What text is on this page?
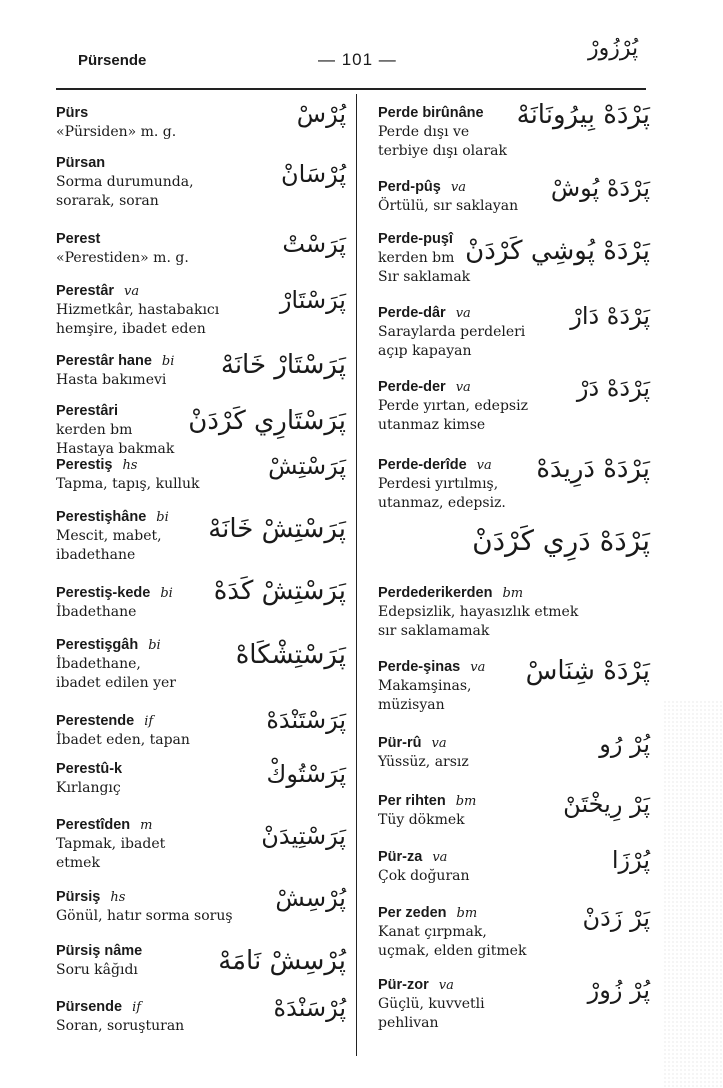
Pürsende	— 101 —	پُرْزُورْ
Pürs
«Pürsiden» m. g.
پُرْسْ
Pürsan
Sorma durumunda,
sorarak, soran
پُرْسَانْ
Perest
«Perestiden» m. g.	پَرَسْتْ
Perestâr va
Hizmetkâr, hastabakıcı
hemşire, ibadet eden
پَرَسْتَارْ
Perestâr hane bi
Hasta bakımevi	پَرَسْتَارْ خَانَهْ
Perestâri
kerden bm
Hastaya bakmak
پَرَسْتَارِي كَرْدَنْ
Perestiş hs
Tapma, tapış, kulluk
پَرَسْتِشْ
Perestişhâne bi
Mescit, mabet,
ibadethane
پَرَسْتِشْ خَانَهْ
Perestiş-kede bi
İbadethane
پَرَسْتِشْ كَدَهْ
Perestişgâh bi
İbadethane,
ibadet edilen yer
پَرَسْتِشْكَاهْ
Perestende if
İbadet eden, tapan
پَرَسْتَنْدَهْ
Perestû-k
Kırlangıç	پَرَسْتُوكْ
Perestîden m
Tapmak, ibadet
etmek
پَرَسْتِيدَنْ
Pürsiş hs
Gönül, hatır sorma soruş
پُرْسِشْ
Pürsiş nâme
Soru kâğıdı	پُرْسِشْ نَامَهْ
Pürsende if
Soran, soruşturan
پُرْسَنْدَهْ
Perde birûnâne
Perde dışı ve
terbiye dışı olarak
پَرْدَهْ بِيرُونَانَهْ
Perd-pûş va
Örtülü, sır saklayan
پَرْدَهْ پُوشْ
Perde-puşî
kerden bm
Sır saklamak
پَرْدَهْ پُوشِي كَرْدَنْ
Perde-dâr va
Saraylarda perdeleri
açıp kapayan
پَرْدَهْ دَارْ
Perde-der va
Perde yırtan, edepsiz
utanmaz kimse
پَرْدَهْ دَرْ
Perde-derîde va
Perdesi yırtılmış,
utanmaz, edepsiz.
پَرْدَهْ دَرِيدَهْ
پَرْدَهْ دَرِي كَرْدَنْ
Perdederikerden bm
Edepsizlik, hayasızlık etmek
sır saklamamak
Perde-şinas va
Makamşinas,
müzisyan
پَرْدَهْ شِنَاسْ
Pür-rû va
Yüssüz, arsız
پُرْ رُو
Per rihten bm
Tüy dökmek
پَرْ رِيخْتَنْ
Pür-za va
Çok doğuran
پُرْزَا
Per zeden bm
Kanat çırpmak,
uçmak, elden gitmek
پَرْ زَدَنْ
Pür-zor va
Güçlü, kuvvetli
pehlivan
پُرْ زُورْ
